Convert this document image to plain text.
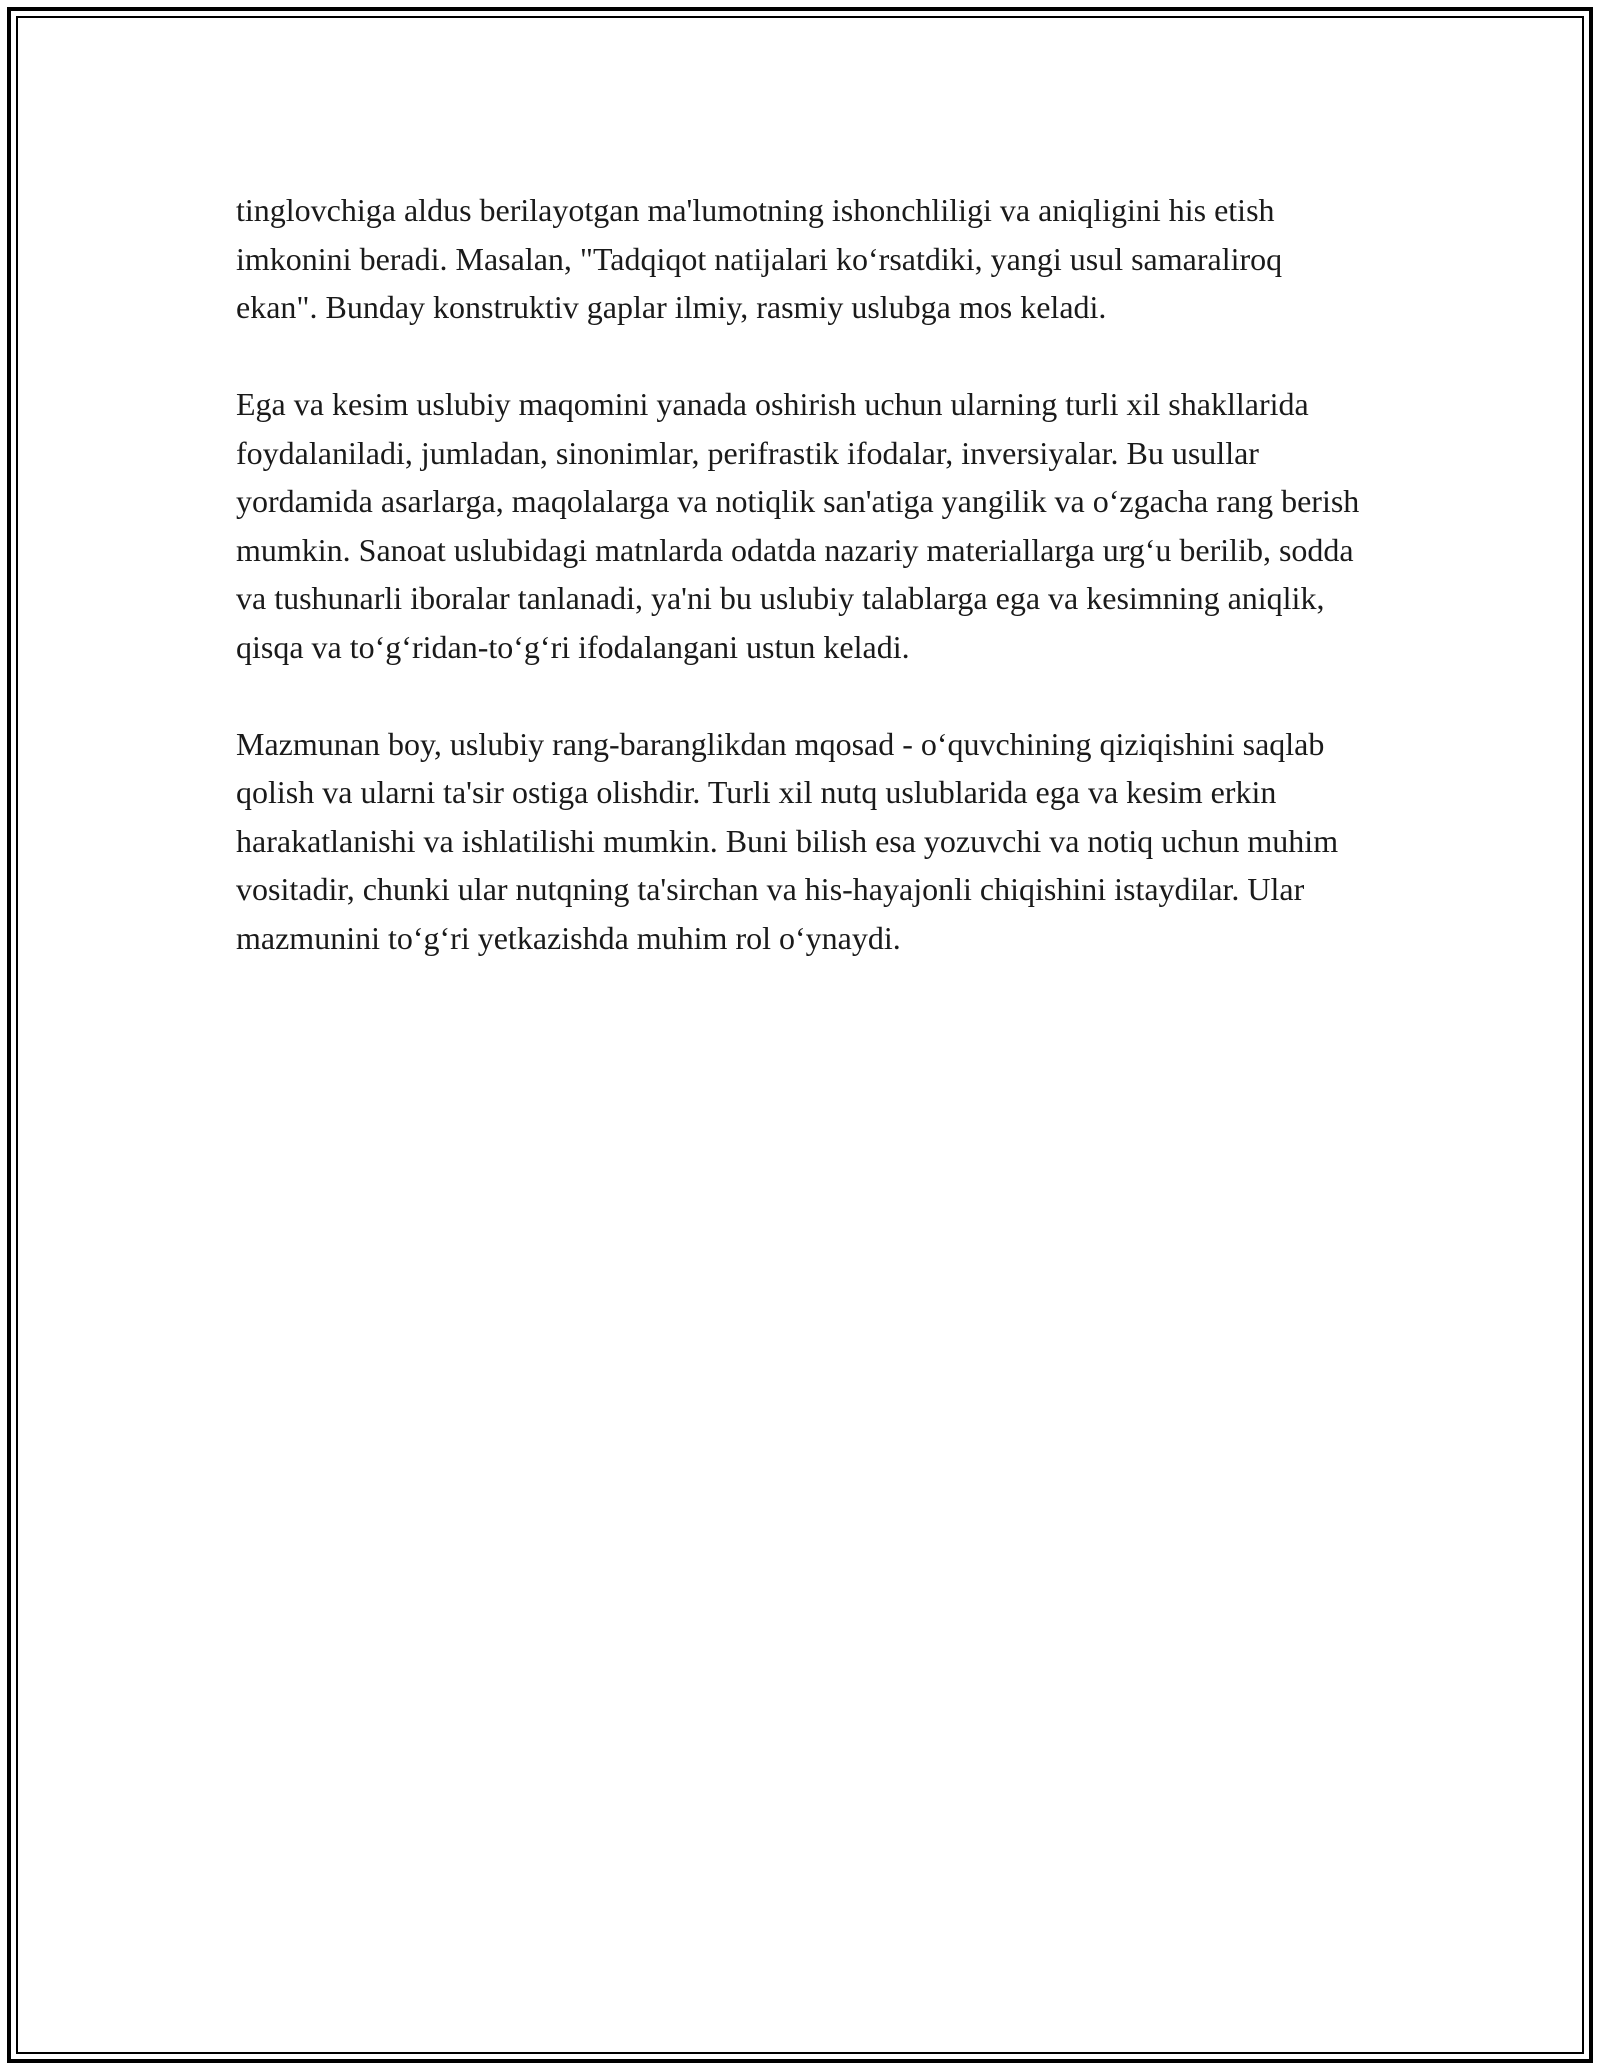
tinglovchiga aldus berilayotgan ma'lumotning ishonchliligi va aniqligini his etish imkonini beradi. Masalan, "Tadqiqot natijalari ko‘rsatdiki, yangi usul samaraliroq ekan". Bunday konstruktiv gaplar ilmiy, rasmiy uslubga mos keladi.

Ega va kesim uslubiy maqomini yanada oshirish uchun ularning turli xil shakllarida foydalaniladi, jumladan, sinonimlar, perifrastik ifodalar, inversiyalar. Bu usullar yordamida asarlarga, maqolalarga va notiqlik san'atiga yangilik va o‘zgacha rang berish mumkin. Sanoat uslubidagi matnlarda odatda nazariy materiallarga urg‘u berilib, sodda va tushunarli iboralar tanlanadi, ya'ni bu uslubiy talablarga ega va kesimning aniqlik, qisqa va to‘g‘ridan-to‘g‘ri ifodalangani ustun keladi.

Mazmunan boy, uslubiy rang-baranglikdan mqosad - o‘quvchining qiziqishini saqlab qolish va ularni ta'sir ostiga olishdir. Turli xil nutq uslublarida ega va kesim erkin harakatlanishi va ishlatilishi mumkin. Buni bilish esa yozuvchi va notiq uchun muhim vositadir, chunki ular nutqning ta'sirchan va his-hayajonli chiqishini istaydilar. Ular mazmunini to‘g‘ri yetkazishda muhim rol o‘ynaydi.
